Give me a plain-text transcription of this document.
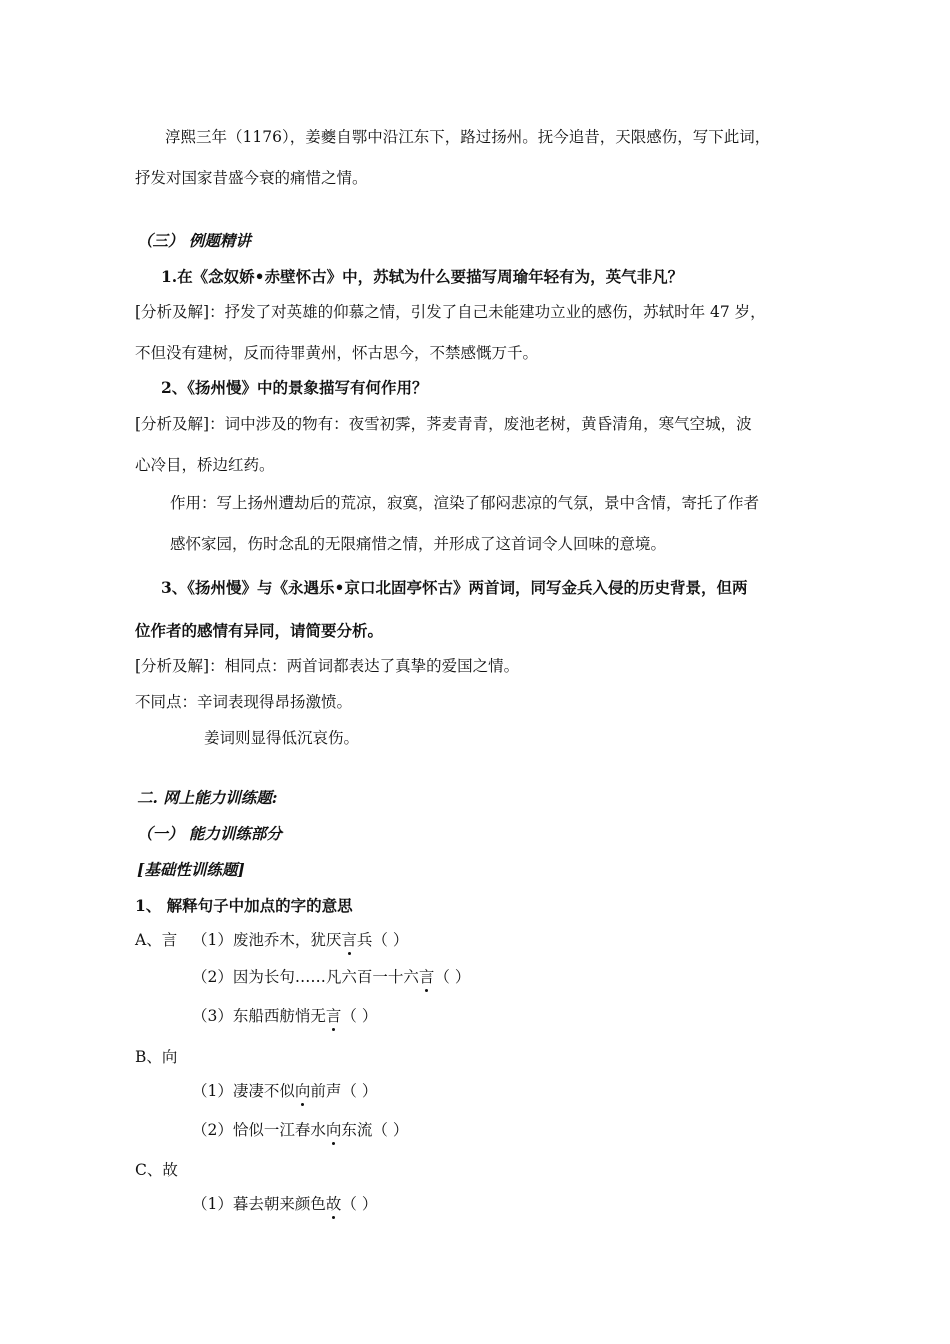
淳熙三年（1176），姜夔自鄂中沿江东下，路过扬州。抚今追昔，天限感伤，写下此词，
抒发对国家昔盛今衰的痛惜之情。
（三） 例题精讲
1.在《念奴娇•赤壁怀古》中，苏轼为什么要描写周瑜年轻有为，英气非凡？
[分析及解]：抒发了对英雄的仰慕之情，引发了自己未能建功立业的感伤，苏轼时年 47 岁，
不但没有建树，反而待罪黄州，怀古思今，不禁感慨万千。
2、《扬州慢》中的景象描写有何作用？
[分析及解]：词中涉及的物有：夜雪初霁，荠麦青青，废池老树，黄昏清角，寒气空城，波
心冷目，桥边红药。
作用：写上扬州遭劫后的荒凉，寂寞，渲染了郁闷悲凉的气氛，景中含情，寄托了作者
感怀家园，伤时念乱的无限痛惜之情，并形成了这首词令人回味的意境。
3、《扬州慢》与《永遇乐•京口北固亭怀古》两首词，同写金兵入侵的历史背景，但两
位作者的感情有异同，请简要分析。
[分析及解]：相同点：两首词都表达了真挚的爱国之情。
不同点：辛词表现得昂扬激愤。
姜词则显得低沉哀伤。
二. 网上能力训练题:
（一） 能力训练部分
[基础性训练题]
1、 解释句子中加点的字的意思
A、言 （1）废池乔木，犹厌言兵（ ）
（2）因为长句……凡六百一十六言（ ）
（3）东船西舫悄无言（ ）
B、向
（1）凄凄不似向前声（ ）
（2）恰似一江春水向东流（ ）
C、故
（1）暮去朝来颜色故（ ）
